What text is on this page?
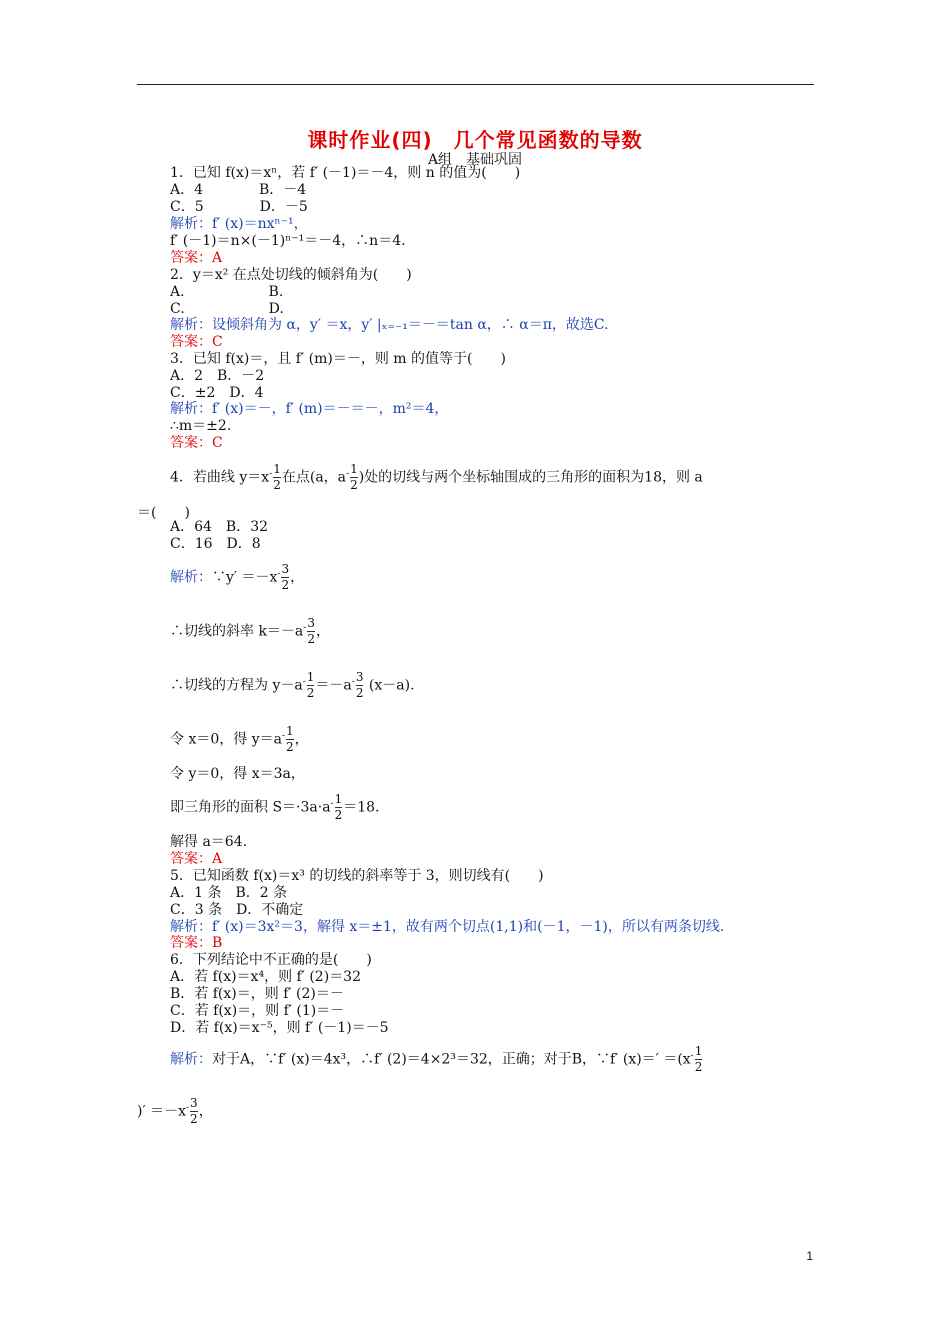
课时作业(四)　几个常见函数的导数
A组　基础巩固
1．已知 f(x)＝xⁿ，若 f′ (－1)＝－4，则 n 的值为(　　)
A．4　　　　B．－4
C．5　　　　D．－5
解析：f′ (x)＝nxⁿ⁻¹，
f′ (－1)＝n×(－1)ⁿ⁻¹＝－4，∴n＝4.
答案：A
2．y＝x² 在点处切线的倾斜角为(　　)
A.　　　　　　B.
C.　　　　　　D.
解析：设倾斜角为 α，y′ ＝x，y′ |ₓ₌₋₁＝－＝tan α，∴ α＝π，故选C.
答案：C
3．已知 f(x)＝，且 f′ (m)＝－，则 m 的值等于(　　)
A．2　B．－2
C．±2　D．4
解析：f′ (x)＝－，f′ (m)＝－＝－，m²＝4，
∴m＝±2.
答案：C
4．若曲线 $y=x^- \frac{1}{2}$ 在点(a，$a^- \frac{1}{2}$ )处的切线与两个坐标轴围成的三角形的面积为18，则 a
＝(　　)
A．64　B．32
C．16　D．8
解析：∵y′ $=-x^- \frac{3}{2}$ ，
∴切线的斜率 $k=-a^- \frac{3}{2}$ ，
∴切线的方程为 $y-a^- \frac{1}{2} =-a^- \frac{3}{2} (x-a)$.
令 x＝0，得 $y=a^- \frac{1}{2}$ ，
令 y＝0，得 x＝3a，
即三角形的面积 $S=\cdot 3a\cdot a^- \frac{1}{2} =18$.
解得 a＝64.
答案：A
5．已知函数 f(x)＝x³ 的切线的斜率等于 3，则切线有(　　)
A．1 条　B．2 条
C．3 条　D．不确定
解析：f′ (x)＝3x²＝3，解得 x＝±1，故有两个切点(1,1)和(－1，－1)，所以有两条切线.
答案：B
6．下列结论中不正确的是(　　)
A．若 f(x)＝x⁴，则 f′ (2)＝32
B．若 f(x)＝，则 f′ (2)＝－
C．若 f(x)＝，则 f′ (1)＝－
D．若 f(x)＝x⁻⁵，则 f′ (－1)＝－5
解析：对于A，∵f′ (x)＝4x³，∴f′ (2)＝4×2³＝32，正确；对于B，∵f′ $(x)=' =(x^- \frac{1}{2}$
)′ $=-x^- \frac{3}{2}$ ，
1
